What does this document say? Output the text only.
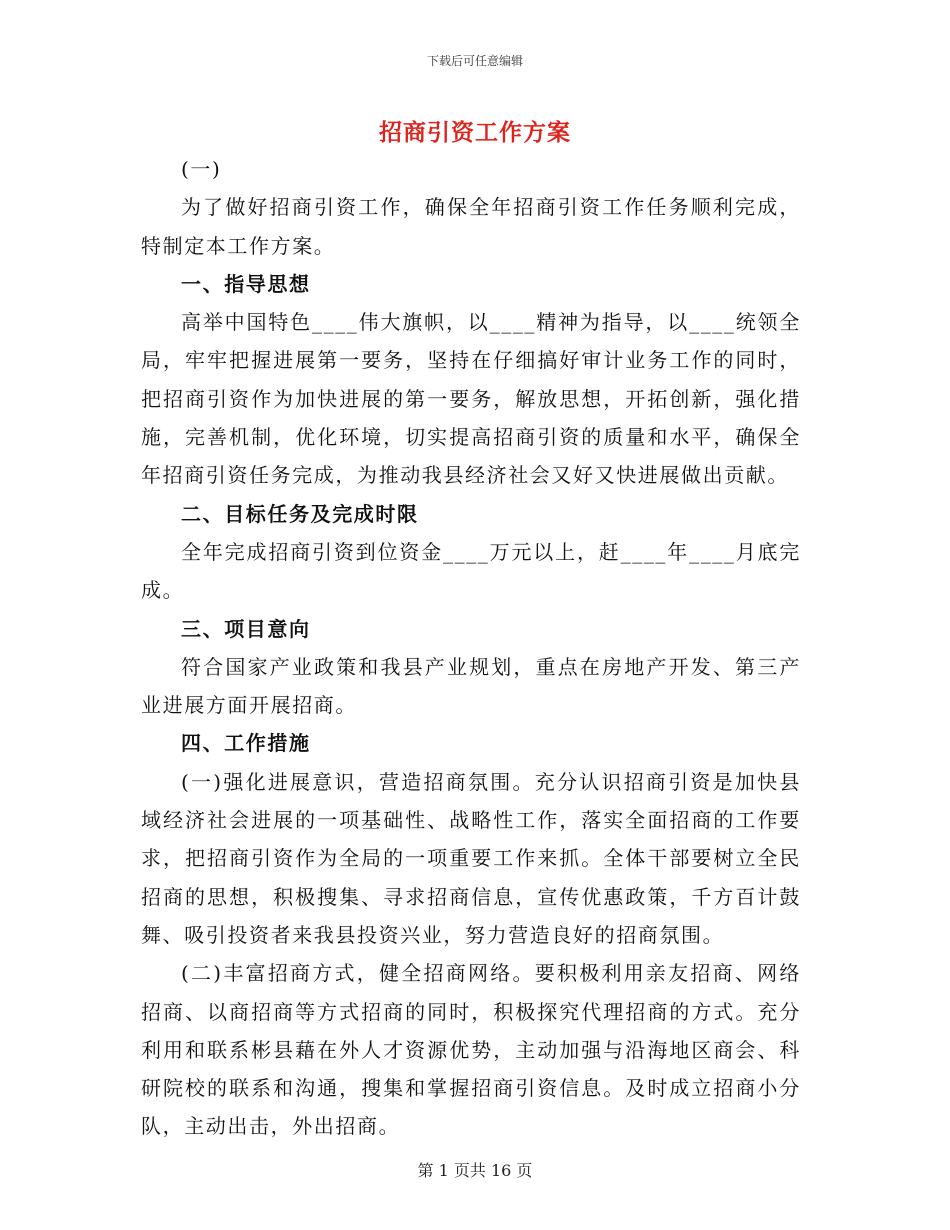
下载后可任意编辑
招商引资工作方案

(一)

为了做好招商引资工作，确保全年招商引资工作任务顺利完成，特制定本工作方案。

一、指导思想

高举中国特色____伟大旗帜，以____精神为指导，以____统领全局，牢牢把握进展第一要务，坚持在仔细搞好审计业务工作的同时，把招商引资作为加快进展的第一要务，解放思想，开拓创新，强化措施，完善机制，优化环境，切实提高招商引资的质量和水平，确保全年招商引资任务完成，为推动我县经济社会又好又快进展做出贡献。

二、目标任务及完成时限

全年完成招商引资到位资金____万元以上，赶____年____月底完成。

三、项目意向

符合国家产业政策和我县产业规划，重点在房地产开发、第三产业进展方面开展招商。

四、工作措施

(一)强化进展意识，营造招商氛围。充分认识招商引资是加快县域经济社会进展的一项基础性、战略性工作，落实全面招商的工作要求，把招商引资作为全局的一项重要工作来抓。全体干部要树立全民招商的思想，积极搜集、寻求招商信息，宣传优惠政策，千方百计鼓舞、吸引投资者来我县投资兴业，努力营造良好的招商氛围。

(二)丰富招商方式，健全招商网络。要积极利用亲友招商、网络招商、以商招商等方式招商的同时，积极探究代理招商的方式。充分利用和联系彬县藉在外人才资源优势，主动加强与沿海地区商会、科研院校的联系和沟通，搜集和掌握招商引资信息。及时成立招商小分队，主动出击，外出招商。

第 1 页共 16 页
